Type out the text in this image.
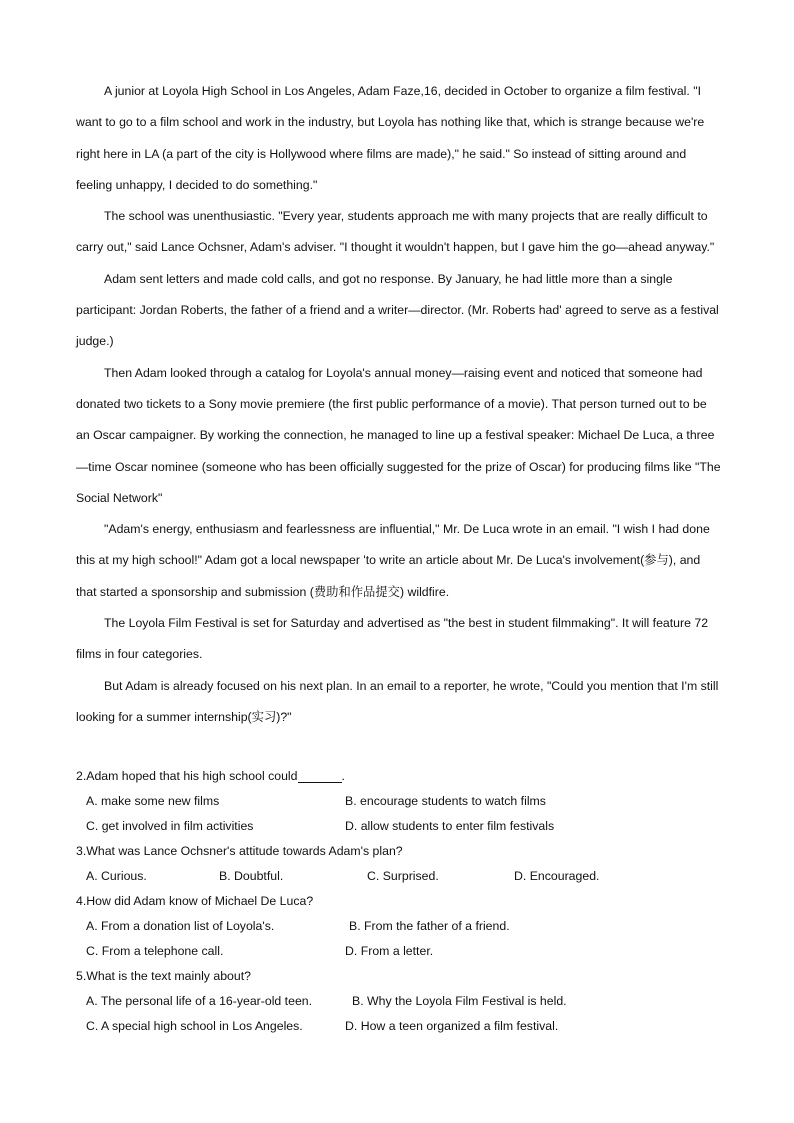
A junior at Loyola High School in Los Angeles, Adam Faze,16, decided in October to organize a film festival. "I want to go to a film school and work in the industry, but Loyola has nothing like that, which is strange because we're right here in LA (a part of the city is Hollywood where films are made)," he said." So instead of sitting around and feeling unhappy, I decided to do something."

The school was unenthusiastic. "Every year, students approach me with many projects that are really difficult to carry out," said Lance Ochsner, Adam's adviser. "I thought it wouldn't happen, but I gave him the go—ahead anyway."

Adam sent letters and made cold calls, and got no response. By January, he had little more than a single participant: Jordan Roberts, the father of a friend and a writer—director. (Mr. Roberts had' agreed to serve as a festival judge.)

Then Adam looked through a catalog for Loyola's annual money—raising event and noticed that someone had donated two tickets to a Sony movie premiere (the first public performance of a movie). That person turned out to be an Oscar campaigner. By working the connection, he managed to line up a festival speaker: Michael De Luca, a three—time Oscar nominee (someone who has been officially suggested for the prize of Oscar) for producing films like "The Social Network"

"Adam's energy, enthusiasm and fearlessness are influential," Mr. De Luca wrote in an email. "I wish I had done this at my high school!" Adam got a local newspaper 'to write an article about Mr. De Luca's involvement(参与), and that started a sponsorship and submission (费助和作品提交) wildfire.

The Loyola Film Festival is set for Saturday and advertised as "the best in student filmmaking". It will feature 72 films in four categories.

But Adam is already focused on his next plan. In an email to a reporter, he wrote, "Could you mention that I'm still looking for a summer internship(实习)?"

2.Adam hoped that his high school could	.
A. make some new films	B. encourage students to watch films
C. get involved in film activities	D. allow students to enter film festivals
3.What was Lance Ochsner's attitude towards Adam's plan?
A. Curious.	B. Doubtful.	C. Surprised.	D. Encouraged.
4.How did Adam know of Michael De Luca?
A. From a donation list of Loyola's.	B. From the father of a friend.
C. From a telephone call.	D. From a letter.
5.What is the text mainly about?
A. The personal life of a 16-year-old teen.	B. Why the Loyola Film Festival is held.
C. A special high school in Los Angeles.	D. How a teen organized a film festival.
